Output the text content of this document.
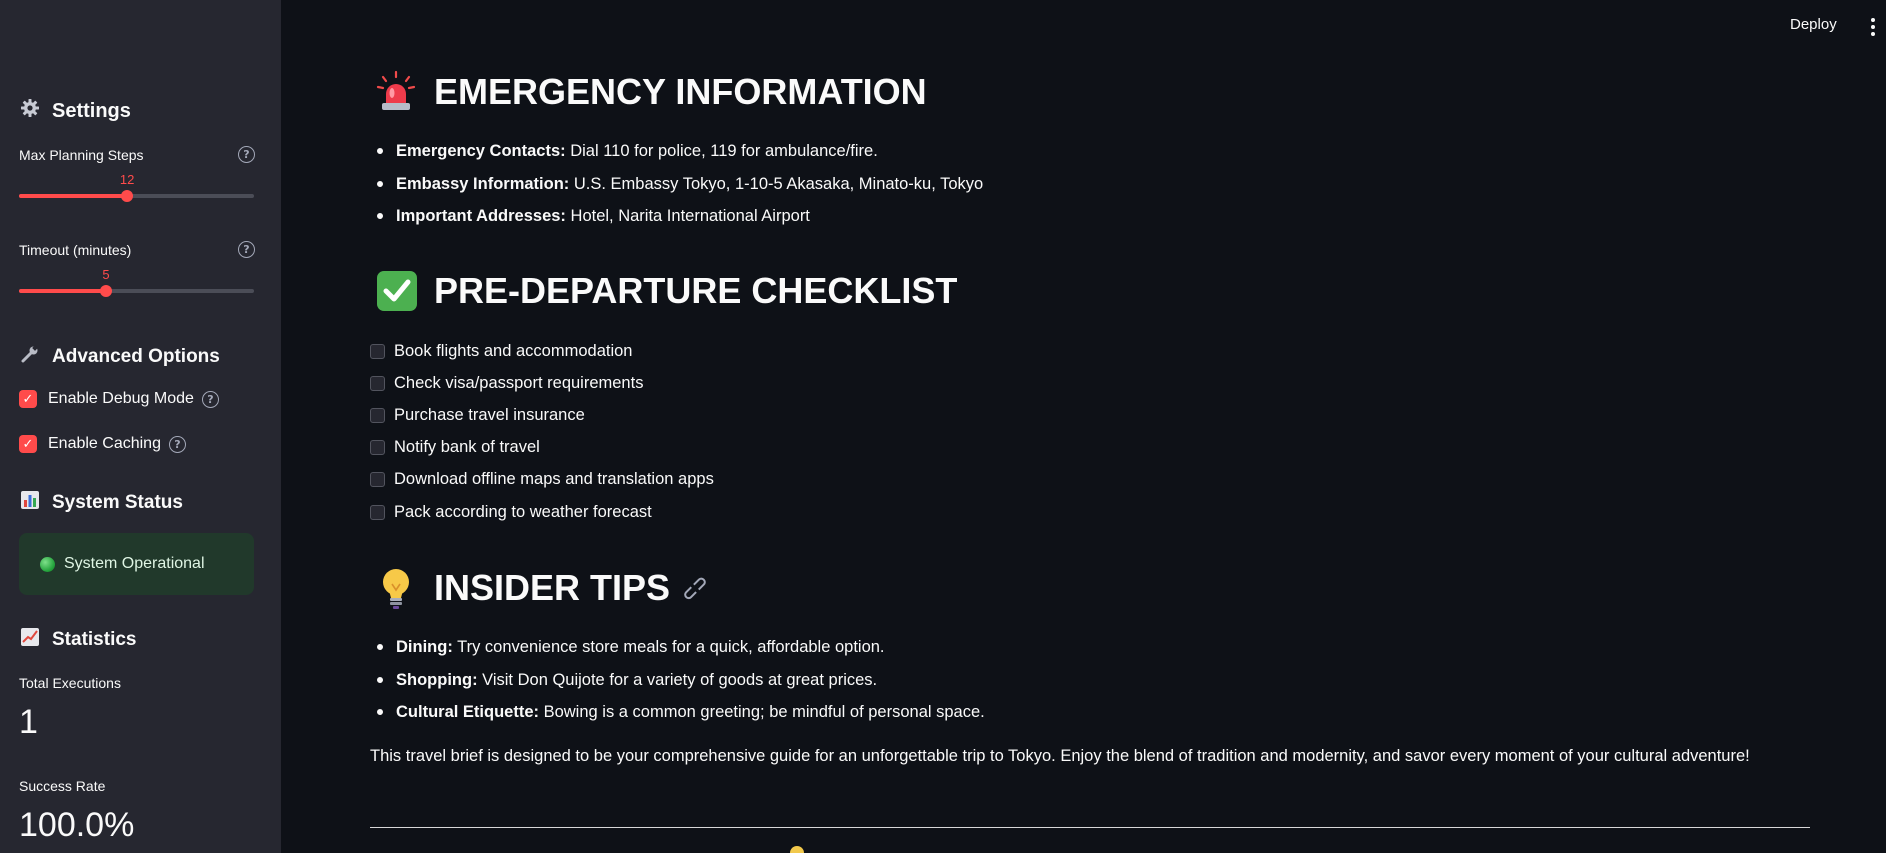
Settings
Max Planning Steps	?
12
Timeout (minutes)	?
5
Advanced Options
✓ Enable Debug Mode	?
✓ Enable Caching	?
System Status
System Operational
Statistics
Total Executions
1
Success Rate
100.0%
Deploy
EMERGENCY INFORMATION
Emergency Contacts: Dial 110 for police, 119 for ambulance/fire.
Embassy Information: U.S. Embassy Tokyo, 1-10-5 Akasaka, Minato-ku, Tokyo
Important Addresses: Hotel, Narita International Airport
PRE-DEPARTURE CHECKLIST
Book flights and accommodation
Check visa/passport requirements
Purchase travel insurance
Notify bank of travel
Download offline maps and translation apps
Pack according to weather forecast
INSIDER TIPS ⊂⊃
Dining: Try convenience store meals for a quick, affordable option.
Shopping: Visit Don Quijote for a variety of goods at great prices.
Cultural Etiquette: Bowing is a common greeting; be mindful of personal space.

This travel brief is designed to be your comprehensive guide for an unforgettable trip to Tokyo. Enjoy the blend of tradition and modernity, and savor every moment of your cultural adventure!
